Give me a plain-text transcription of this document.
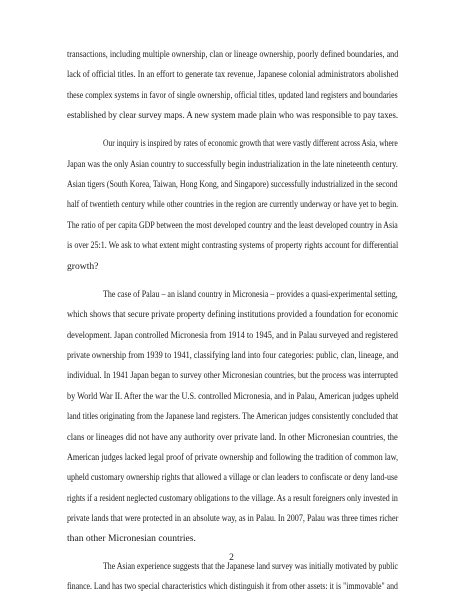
transactions, including multiple ownership, clan or lineage ownership, poorly defined boundaries, and
lack of official titles. In an effort to generate tax revenue, Japanese colonial administrators abolished
these complex systems in favor of single ownership, official titles, updated land registers and boundaries
established by clear survey maps. A new system made plain who was responsible to pay taxes.
Our inquiry is inspired by rates of economic growth that were vastly different across Asia, where
Japan was the only Asian country to successfully begin industrialization in the late nineteenth century.
Asian tigers (South Korea, Taiwan, Hong Kong, and Singapore) successfully industrialized in the second
half of twentieth century while other countries in the region are currently underway or have yet to begin.
The ratio of per capita GDP between the most developed country and the least developed country in Asia
is over 25:1. We ask to what extent might contrasting systems of property rights account for differential
growth?
The case of Palau – an island country in Micronesia – provides a quasi-experimental setting,
which shows that secure private property defining institutions provided a foundation for economic
development. Japan controlled Micronesia from 1914 to 1945, and in Palau surveyed and registered
private ownership from 1939 to 1941, classifying land into four categories: public, clan, lineage, and
individual. In 1941 Japan began to survey other Micronesian countries, but the process was interrupted
by World War II. After the war the U.S. controlled Micronesia, and in Palau, American judges upheld
land titles originating from the Japanese land registers. The American judges consistently concluded that
clans or lineages did not have any authority over private land. In other Micronesian countries, the
American judges lacked legal proof of private ownership and following the tradition of common law,
upheld customary ownership rights that allowed a village or clan leaders to confiscate or deny land-use
rights if a resident neglected customary obligations to the village. As a result foreigners only invested in
private lands that were protected in an absolute way, as in Palau. In 2007, Palau was three times richer
than other Micronesian countries.
The Asian experience suggests that the Japanese land survey was initially motivated by public
finance. Land has two special characteristics which distinguish it from other assets: it is "immovable" and
2
